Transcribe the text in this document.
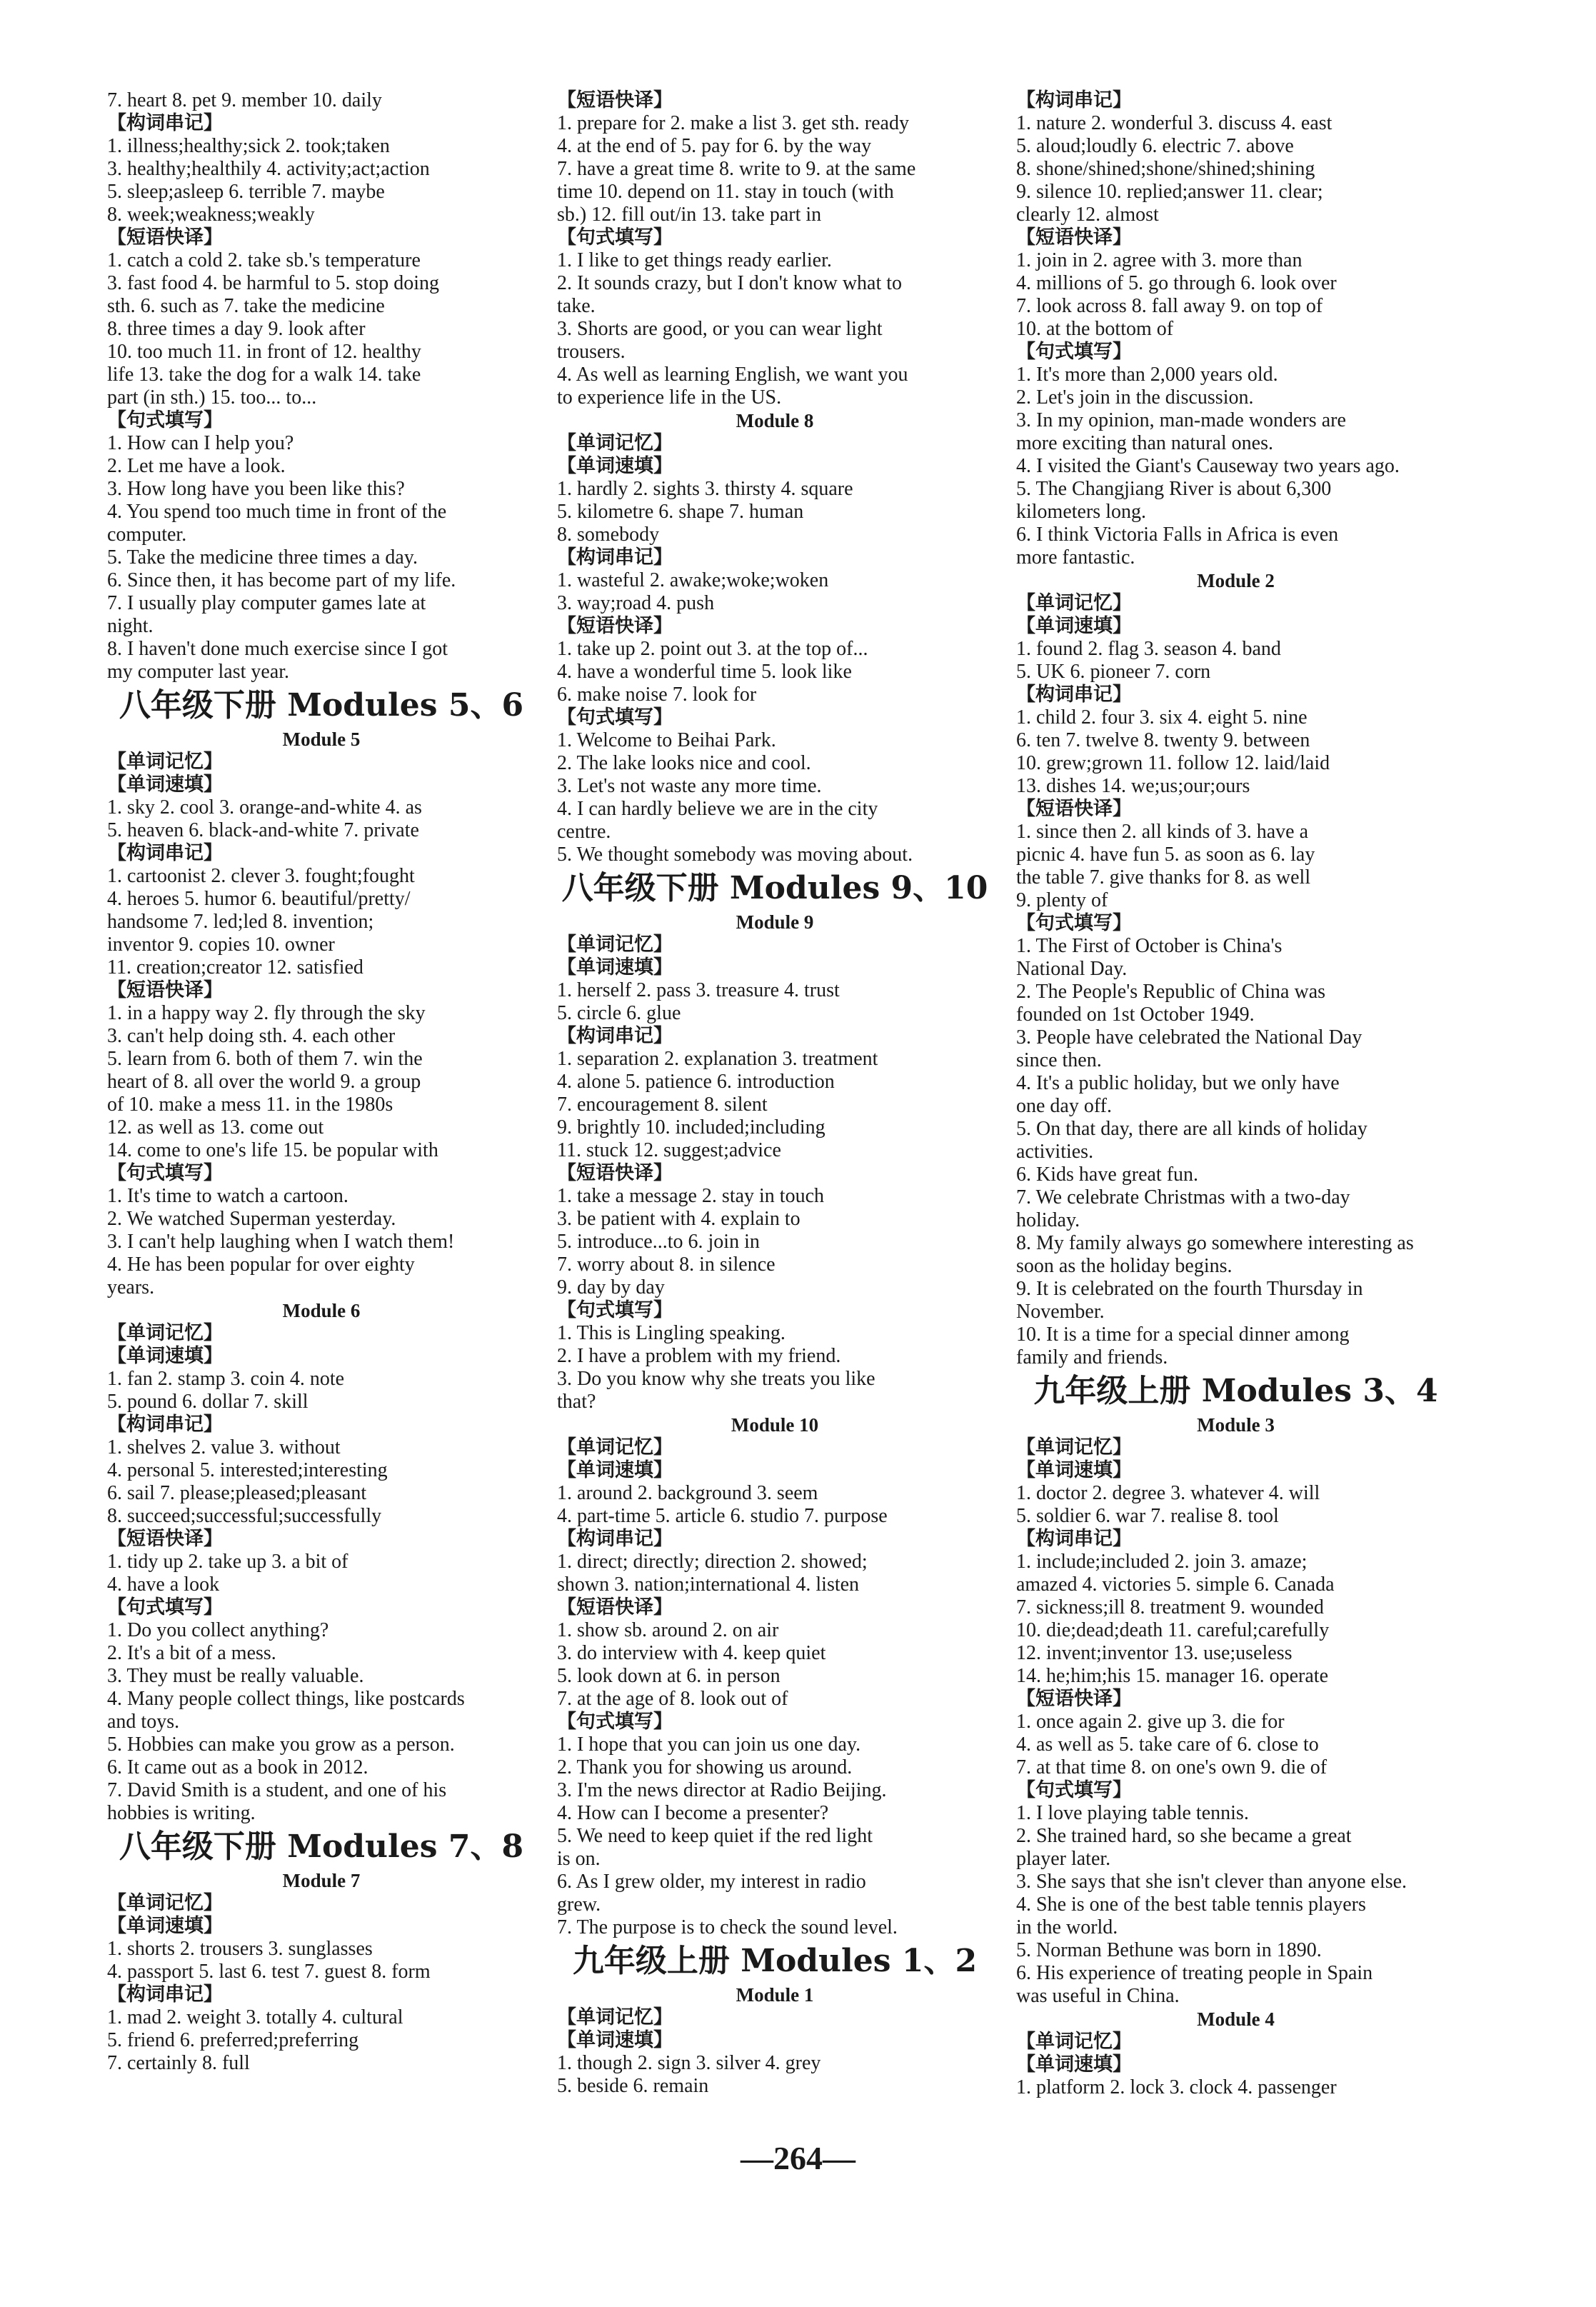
7. heart 8. pet 9. member 10. daily
【构词串记】
1. illness;healthy;sick 2. took;taken
3. healthy;healthily 4. activity;act;action
5. sleep;asleep 6. terrible 7. maybe
8. week;weakness;weakly
【短语快译】
1. catch a cold 2. take sb.'s temperature
3. fast food 4. be harmful to 5. stop doing
sth. 6. such as 7. take the medicine
8. three times a day 9. look after
10. too much 11. in front of 12. healthy
life 13. take the dog for a walk 14. take
part (in sth.) 15. too... to...
【句式填写】
1. How can I help you?
2. Let me have a look.
3. How long have you been like this?
4. You spend too much time in front of the
computer.
5. Take the medicine three times a day.
6. Since then, it has become part of my life.
7. I usually play computer games late at
night.
8. I haven't done much exercise since I got
my computer last year.
八年级下册 Modules 5、6
Module 5
【单词记忆】
【单词速填】
1. sky 2. cool 3. orange-and-white 4. as
5. heaven 6. black-and-white 7. private
【构词串记】
1. cartoonist 2. clever 3. fought;fought
4. heroes 5. humor 6. beautiful/pretty/
handsome 7. led;led 8. invention;
inventor 9. copies 10. owner
11. creation;creator 12. satisfied
【短语快译】
1. in a happy way 2. fly through the sky
3. can't help doing sth. 4. each other
5. learn from 6. both of them 7. win the
heart of 8. all over the world 9. a group
of 10. make a mess 11. in the 1980s
12. as well as 13. come out
14. come to one's life 15. be popular with
【句式填写】
1. It's time to watch a cartoon.
2. We watched Superman yesterday.
3. I can't help laughing when I watch them!
4. He has been popular for over eighty
years.
Module 6
【单词记忆】
【单词速填】
1. fan 2. stamp 3. coin 4. note
5. pound 6. dollar 7. skill
【构词串记】
1. shelves 2. value 3. without
4. personal 5. interested;interesting
6. sail 7. please;pleased;pleasant
8. succeed;successful;successfully
【短语快译】
1. tidy up 2. take up 3. a bit of
4. have a look
【句式填写】
1. Do you collect anything?
2. It's a bit of a mess.
3. They must be really valuable.
4. Many people collect things, like postcards
and toys.
5. Hobbies can make you grow as a person.
6. It came out as a book in 2012.
7. David Smith is a student, and one of his
hobbies is writing.
八年级下册 Modules 7、8
Module 7
【单词记忆】
【单词速填】
1. shorts 2. trousers 3. sunglasses
4. passport 5. last 6. test 7. guest 8. form
【构词串记】
1. mad 2. weight 3. totally 4. cultural
5. friend 6. preferred;preferring
7. certainly 8. full
【短语快译】
1. prepare for 2. make a list 3. get sth. ready
4. at the end of 5. pay for 6. by the way
7. have a great time 8. write to 9. at the same
time 10. depend on 11. stay in touch (with
sb.) 12. fill out/in 13. take part in
【句式填写】
1. I like to get things ready earlier.
2. It sounds crazy, but I don't know what to
take.
3. Shorts are good, or you can wear light
trousers.
4. As well as learning English, we want you
to experience life in the US.
Module 8
【单词记忆】
【单词速填】
1. hardly 2. sights 3. thirsty 4. square
5. kilometre 6. shape 7. human
8. somebody
【构词串记】
1. wasteful 2. awake;woke;woken
3. way;road 4. push
【短语快译】
1. take up 2. point out 3. at the top of...
4. have a wonderful time 5. look like
6. make noise 7. look for
【句式填写】
1. Welcome to Beihai Park.
2. The lake looks nice and cool.
3. Let's not waste any more time.
4. I can hardly believe we are in the city
centre.
5. We thought somebody was moving about.
八年级下册 Modules 9、10
Module 9
【单词记忆】
【单词速填】
1. herself 2. pass 3. treasure 4. trust
5. circle 6. glue
【构词串记】
1. separation 2. explanation 3. treatment
4. alone 5. patience 6. introduction
7. encouragement 8. silent
9. brightly 10. included;including
11. stuck 12. suggest;advice
【短语快译】
1. take a message 2. stay in touch
3. be patient with 4. explain to
5. introduce...to 6. join in
7. worry about 8. in silence
9. day by day
【句式填写】
1. This is Lingling speaking.
2. I have a problem with my friend.
3. Do you know why she treats you like
that?
Module 10
【单词记忆】
【单词速填】
1. around 2. background 3. seem
4. part-time 5. article 6. studio 7. purpose
【构词串记】
1. direct; directly; direction 2. showed;
shown 3. nation;international 4. listen
【短语快译】
1. show sb. around 2. on air
3. do interview with 4. keep quiet
5. look down at 6. in person
7. at the age of 8. look out of
【句式填写】
1. I hope that you can join us one day.
2. Thank you for showing us around.
3. I'm the news director at Radio Beijing.
4. How can I become a presenter?
5. We need to keep quiet if the red light
is on.
6. As I grew older, my interest in radio
grew.
7. The purpose is to check the sound level.
九年级上册 Modules 1、2
Module 1
【单词记忆】
【单词速填】
1. though 2. sign 3. silver 4. grey
5. beside 6. remain
【构词串记】
1. nature 2. wonderful 3. discuss 4. east
5. aloud;loudly 6. electric 7. above
8. shone/shined;shone/shined;shining
9. silence 10. replied;answer 11. clear;
clearly 12. almost
【短语快译】
1. join in 2. agree with 3. more than
4. millions of 5. go through 6. look over
7. look across 8. fall away 9. on top of
10. at the bottom of
【句式填写】
1. It's more than 2,000 years old.
2. Let's join in the discussion.
3. In my opinion, man-made wonders are
more exciting than natural ones.
4. I visited the Giant's Causeway two years ago.
5. The Changjiang River is about 6,300
kilometers long.
6. I think Victoria Falls in Africa is even
more fantastic.
Module 2
【单词记忆】
【单词速填】
1. found 2. flag 3. season 4. band
5. UK 6. pioneer 7. corn
【构词串记】
1. child 2. four 3. six 4. eight 5. nine
6. ten 7. twelve 8. twenty 9. between
10. grew;grown 11. follow 12. laid/laid
13. dishes 14. we;us;our;ours
【短语快译】
1. since then 2. all kinds of 3. have a
picnic 4. have fun 5. as soon as 6. lay
the table 7. give thanks for 8. as well
9. plenty of
【句式填写】
1. The First of October is China's
National Day.
2. The People's Republic of China was
founded on 1st October 1949.
3. People have celebrated the National Day
since then.
4. It's a public holiday, but we only have
one day off.
5. On that day, there are all kinds of holiday
activities.
6. Kids have great fun.
7. We celebrate Christmas with a two-day
holiday.
8. My family always go somewhere interesting as
soon as the holiday begins.
9. It is celebrated on the fourth Thursday in
November.
10. It is a time for a special dinner among
family and friends.
九年级上册 Modules 3、4
Module 3
【单词记忆】
【单词速填】
1. doctor 2. degree 3. whatever 4. will
5. soldier 6. war 7. realise 8. tool
【构词串记】
1. include;included 2. join 3. amaze;
amazed 4. victories 5. simple 6. Canada
7. sickness;ill 8. treatment 9. wounded
10. die;dead;death 11. careful;carefully
12. invent;inventor 13. use;useless
14. he;him;his 15. manager 16. operate
【短语快译】
1. once again 2. give up 3. die for
4. as well as 5. take care of 6. close to
7. at that time 8. on one's own 9. die of
【句式填写】
1. I love playing table tennis.
2. She trained hard, so she became a great
player later.
3. She says that she isn't clever than anyone else.
4. She is one of the best table tennis players
in the world.
5. Norman Bethune was born in 1890.
6. His experience of treating people in Spain
was useful in China.
Module 4
【单词记忆】
【单词速填】
1. platform 2. lock 3. clock 4. passenger
—264—
